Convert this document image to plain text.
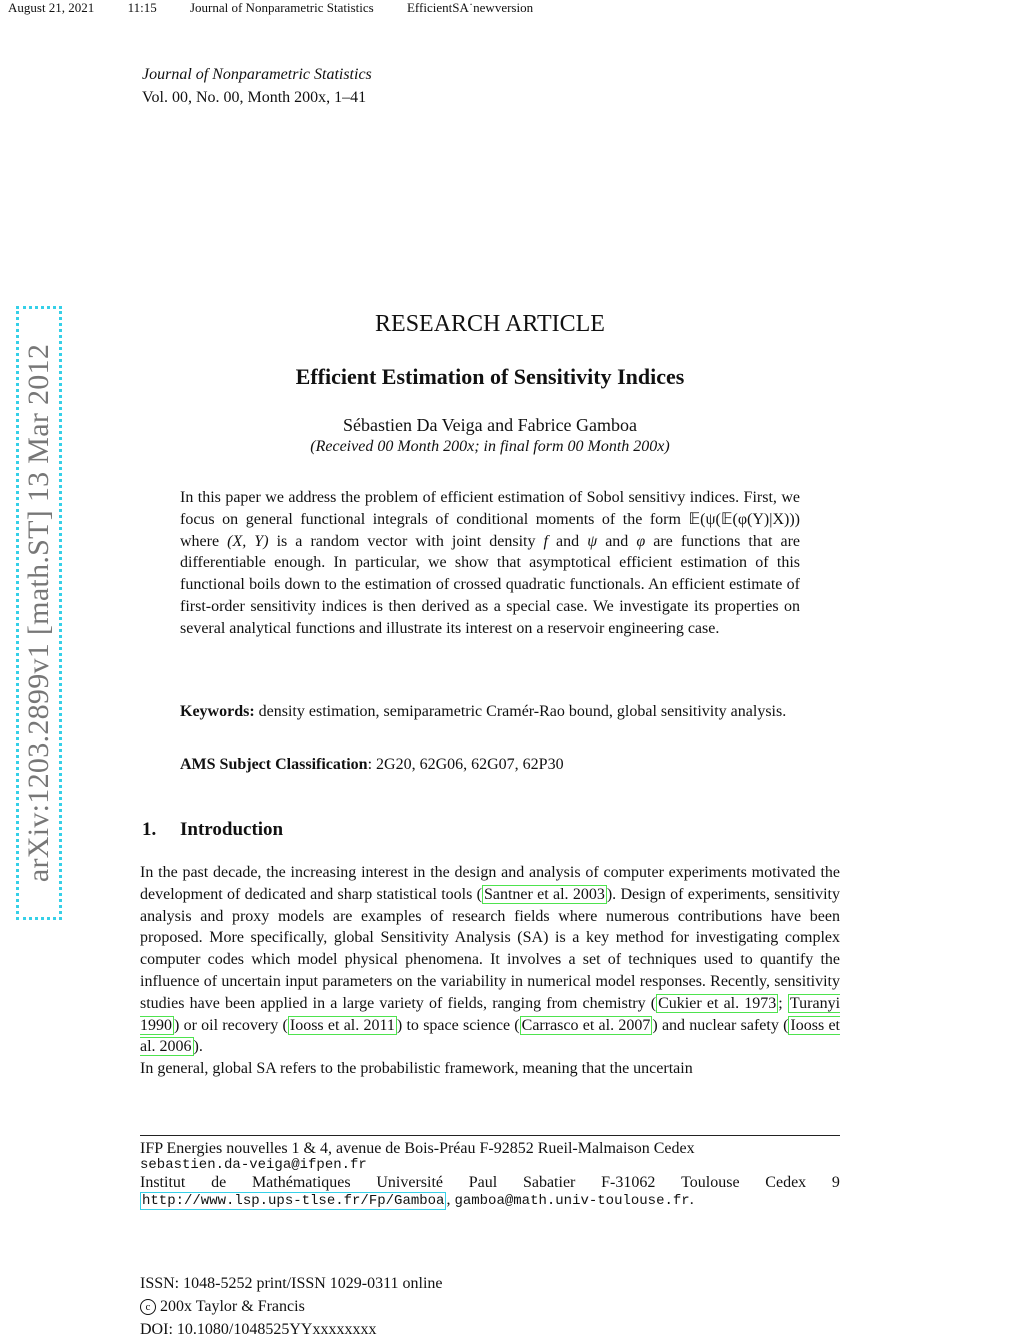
August 21, 2021	11:15	Journal of Nonparametric Statistics	EfficientSA˙newversion
Journal of Nonparametric Statistics
Vol. 00, No. 00, Month 200x, 1–41
arXiv:1203.2899v1 [math.ST] 13 Mar 2012
RESEARCH ARTICLE
Efficient Estimation of Sensitivity Indices
Sébastien Da Veiga and Fabrice Gamboa
(Received 00 Month 200x; in final form 00 Month 200x)
In this paper we address the problem of efficient estimation of Sobol sensitivy indices. First, we focus on general functional integrals of conditional moments of the form 𝔼(ψ(𝔼(φ(Y)|X))) where (X, Y) is a random vector with joint density f and ψ and φ are functions that are differentiable enough. In particular, we show that asymptotical efficient estimation of this functional boils down to the estimation of crossed quadratic functionals. An efficient estimate of first-order sensitivity indices is then derived as a special case. We investigate its properties on several analytical functions and illustrate its interest on a reservoir engineering case.
Keywords: density estimation, semiparametric Cramér-Rao bound, global sensitivity analysis.
AMS Subject Classification: 2G20, 62G06, 62G07, 62P30
1. Introduction
In the past decade, the increasing interest in the design and analysis of computer experiments motivated the development of dedicated and sharp statistical tools ( Santner et al. 2003 ). Design of experiments, sensitivity analysis and proxy models are examples of research fields where numerous contributions have been proposed. More specifically, global Sensitivity Analysis (SA) is a key method for investigating complex computer codes which model physical phenomena. It involves a set of techniques used to quantify the influence of uncertain input parameters on the variability in numerical model responses. Recently, sensitivity studies have been applied in a large variety of fields, ranging from chemistry ( Cukier et al. 1973 ; Turanyi 1990 ) or oil recovery ( Iooss et al. 2011 ) to space science ( Carrasco et al. 2007 ) and nuclear safety ( Iooss et al. 2006 ).
In general, global SA refers to the probabilistic framework, meaning that the uncertain
IFP Energies nouvelles 1 & 4, avenue de Bois-Préau F-92852 Rueil-Malmaison Cedex
sebastien.da-veiga@ifpen.fr
Institut de Mathématiques Université Paul Sabatier F-31062 Toulouse Cedex 9
http://www.lsp.ups-tlse.fr/Fp/Gamboa , gamboa@math.univ-toulouse.fr.
ISSN: 1048-5252 print/ISSN 1029-0311 online
c 200x Taylor & Francis
DOI: 10.1080/1048525YYxxxxxxxx
